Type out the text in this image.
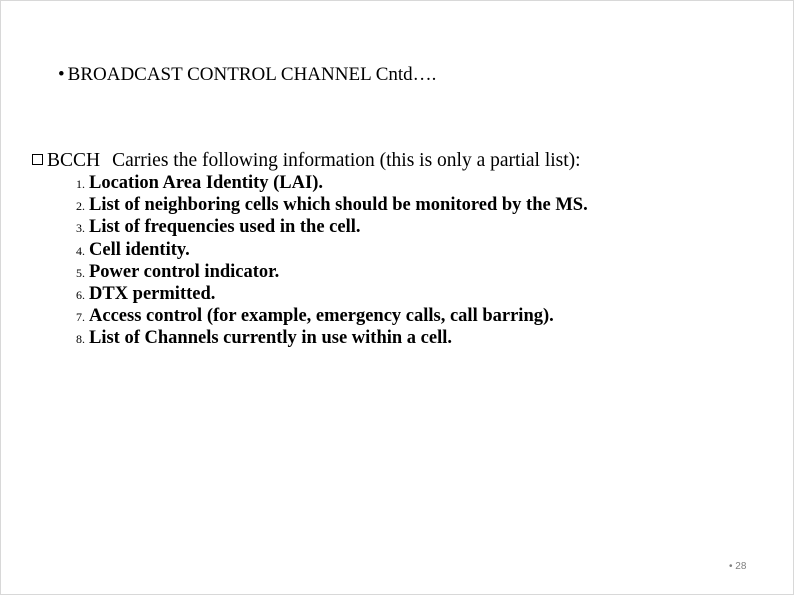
• BROADCAST CONTROL CHANNEL Cntd….
BCCH Carries the following information (this is only a partial list):
1. Location Area Identity (LAI).
2. List of neighboring cells which should be monitored by the MS.
3. List of frequencies used in the cell.
4. Cell identity.
5. Power control indicator.
6. DTX permitted.
7. Access control (for example, emergency calls, call barring).
8. List of Channels currently in use within a cell.
• 28
